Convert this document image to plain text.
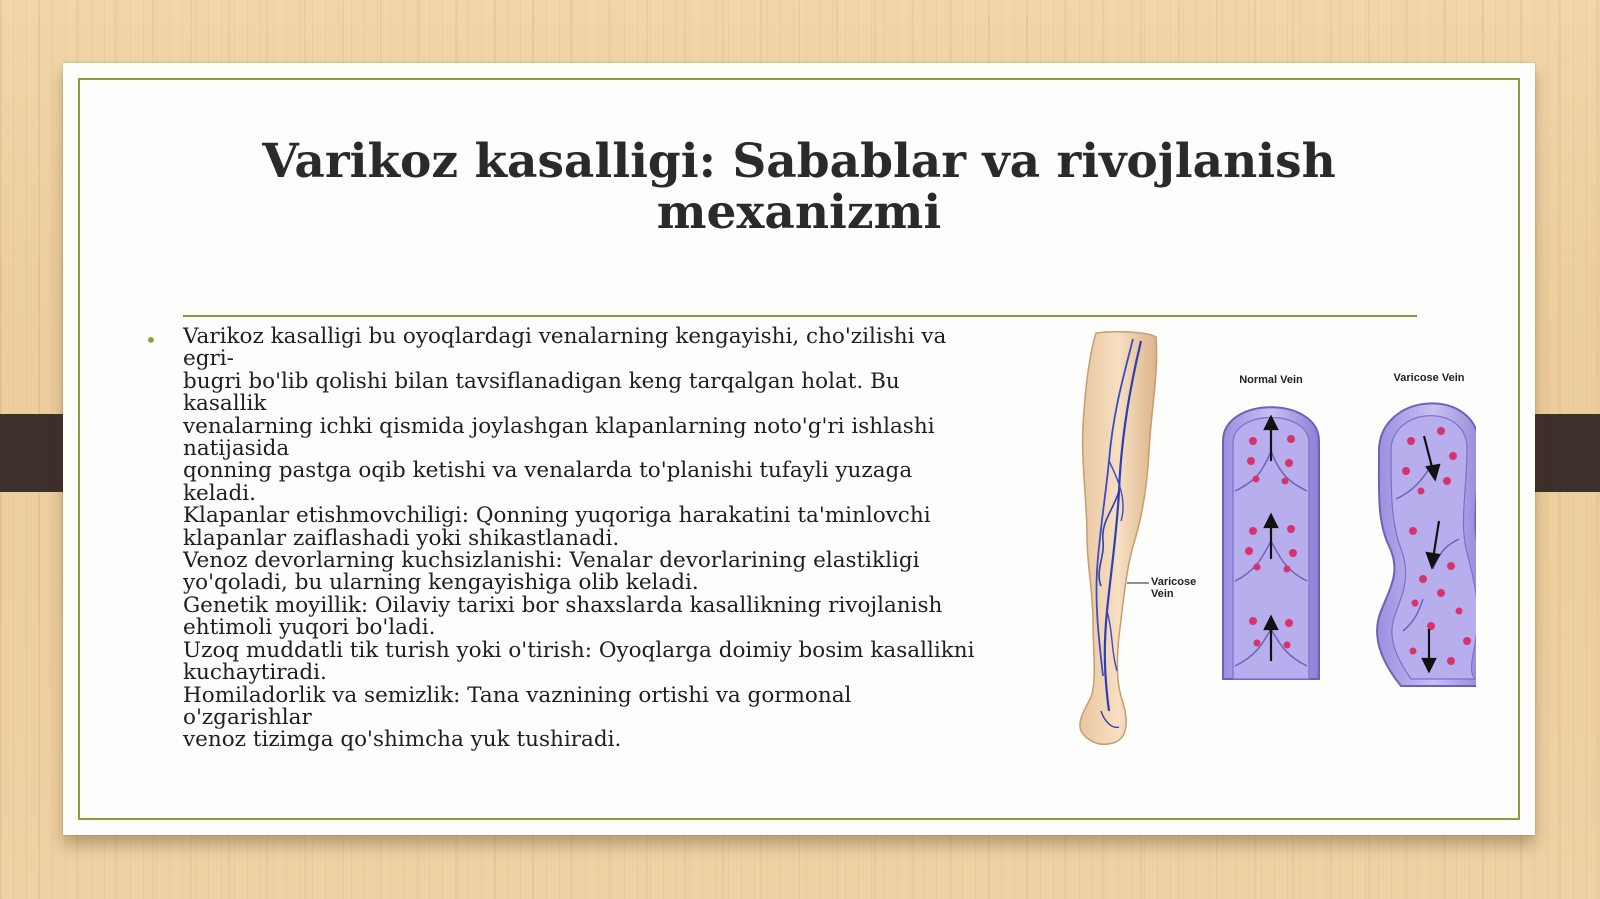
Varikoz kasalligi: Sabablar va rivojlanish mexanizmi
• Varikoz kasalligi bu oyoqlardagi venalarning kengayishi, cho'zilishi va egri-
bugri bo'lib qolishi bilan tavsiflanadigan keng tarqalgan holat. Bu kasallik
venalarning ichki qismida joylashgan klapanlarning noto'g'ri ishlashi natijasida
qonning pastga oqib ketishi va venalarda to'planishi tufayli yuzaga keladi.
Klapanlar etishmovchiligi: Qonning yuqoriga harakatini ta'minlovchi
klapanlar zaiflashadi yoki shikastlanadi.
Venoz devorlarning kuchsizlanishi: Venalar devorlarining elastikligi
yo'qoladi, bu ularning kengayishiga olib keladi.
Genetik moyillik: Oilaviy tarixi bor shaxslarda kasallikning rivojlanish
ehtimoli yuqori bo'ladi.
Uzoq muddatli tik turish yoki o'tirish: Oyoqlarga doimiy bosim kasallikni
kuchaytiradi.
Homiladorlik va semizlik: Tana vaznining ortishi va gormonal o'zgarishlar
venoz tizimga qo'shimcha yuk tushiradi.
Varicose
Vein
Normal Vein	Varicose Vein
